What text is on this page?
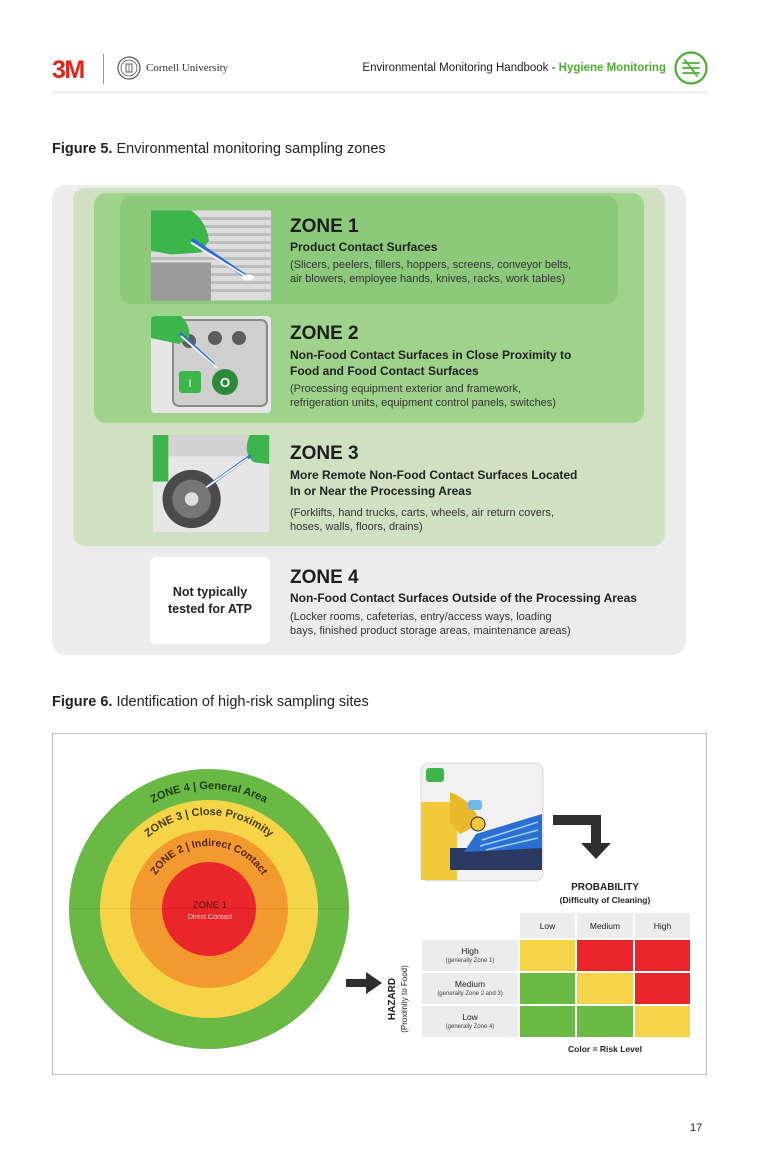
3M	Cornell University	Environmental Monitoring Handbook - Hygiene Monitoring
Figure 5. Environmental monitoring sampling zones
ZONE 1
Product Contact Surfaces
(Slicers, peelers, fillers, hoppers, screens, conveyor belts,
air blowers, employee hands, knives, racks, work tables)
I O
ZONE 2
Non-Food Contact Surfaces in Close Proximity to
Food and Food Contact Surfaces
(Processing equipment exterior and framework,
refrigeration units, equipment control panels, switches)
ZONE 3
More Remote Non-Food Contact Surfaces Located
In or Near the Processing Areas
(Forklifts, hand trucks, carts, wheels, air return covers,
hoses, walls, floors, drains)
Not typically
tested for ATP
ZONE 4
Non-Food Contact Surfaces Outside of the Processing Areas
(Locker rooms, cafeterias, entry/access ways, loading
bays, finished product storage areas, maintenance areas)
Figure 6. Identification of high-risk sampling sites
ZONE 4 | General Area
ZONE 3 | Close Proximity
ZONE 2 | Indirect Contact
ZONE 1
Direct Contact
PROBABILITY
(Difficulty of Cleaning)
HAZARD (Proximity to Food)
Low	Medium	High
High
(generally Zone 1)
Medium
(generally Zone 2 and 3)
Low
(generally Zone 4)
Color = Risk Level
17
